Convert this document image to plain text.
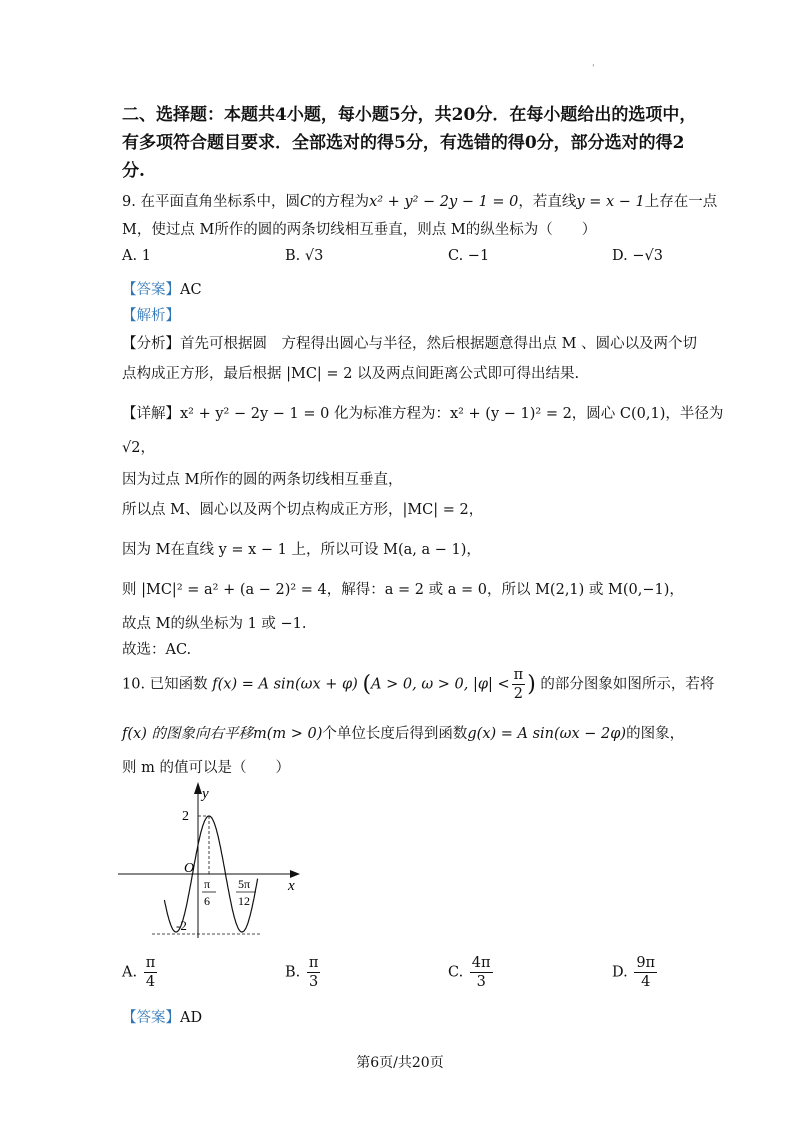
'
二、选择题：本题共4小题，每小题5分，共20分．在每小题给出的选项中，
有多项符合题目要求．全部选对的得5分，有选错的得0分，部分选对的得2
分.
9. 在平面直角坐标系中，圆C的方程为x² + y² − 2y − 1 = 0，若直线y = x − 1上存在一点
M，使过点 M所作的圆的两条切线相互垂直，则点 M的纵坐标为（　　）
A. 1	B. √3	C. −1	D. −√3
【答案】AC
【解析】
【分析】首先可根据圆　方程得出圆心与半径，然后根据题意得出点 M 、圆心以及两个切
点构成正方形，最后根据 |MC| = 2 以及两点间距离公式即可得出结果.
【详解】x² + y² − 2y − 1 = 0 化为标准方程为：x² + (y − 1)² = 2，圆心 C(0,1)，半径为
√2，
因为过点 M所作的圆的两条切线相互垂直，
所以点 M、圆心以及两个切点构成正方形，|MC| = 2，
因为 M在直线 y = x − 1 上，所以可设 M(a, a − 1)，
则 |MC|² = a² + (a − 2)² = 4，解得：a = 2 或 a = 0，所以 M(2,1) 或 M(0,−1)，
故点 M的纵坐标为 1 或 −1.
故选：AC.
10. 已知函数 f(x) = A sin(ωx + φ) (A > 0, ω > 0, $|\varphi| < \frac{\pi}{2}$ ) 的部分图象如图所示，若将
f(x) 的图象向右平移m(m > 0)个单位长度后得到函数g(x) = A sin(ωx − 2φ)的图象，
则 m 的值可以是（　　）
y
x
O
2
-2
π
6
5π
12
A. $\frac{\pi}{4}$	B. $\frac{\pi}{3}$	C. $\frac{4\pi}{3}$	D. $\frac{9\pi}{4}$
【答案】AD
第6页/共20页
